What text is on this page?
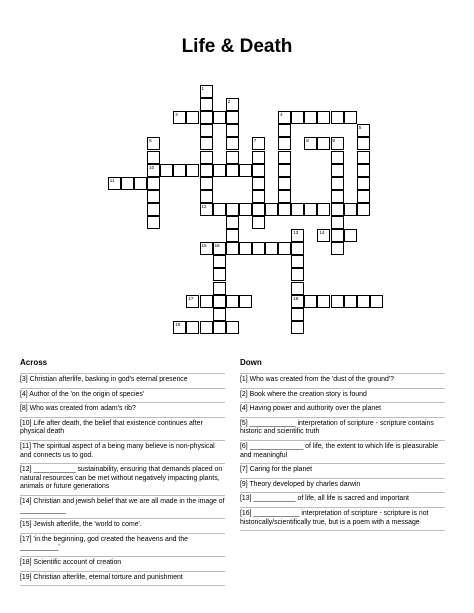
Life & Death
1
2
3	4
5
6	7	8	9
10
11
12
13	14
15 16
17	18
19
Across
[3] Christian afterlife, basking in god's eternal presence
[4] Author of the 'on the origin of species'
[8] Who was created from adam's rib?
[10] Life after death, the belief that existence continues after physical death
[11] The spiritual aspect of a being many believe is non-physical and connects us to god.
[12] ___________ sustainability, ensuring that demands placed on natural resources can be met without negatively impacting plants, animals or future generations
[14] Christian and jewish belief that we are all made in the image of ____________
[15] Jewish afterlife, the 'world to come'.
[17] 'in the beginning, god created the heavens and the __________'
[18] Scientific account of creation
[19] Christian afterlife, eternal torture and punishment
Down
[1] Who was created from the 'dust of the ground'?
[2] Book where the creation story is found
[4] Having power and authority over the planet
[5] ____________ interpretation of scripture - scripture contains historic and scientific truth
[6] ______________ of life, the extent to which life is pleasurable and meaningful
[7] Caring for the planet
[9] Theory developed by charles darwin
[13] ___________ of life, all life is sacred and important
[16] ____________ interpretation of scripture - scripture is not historically/scientifically true, but is a poem with a message
